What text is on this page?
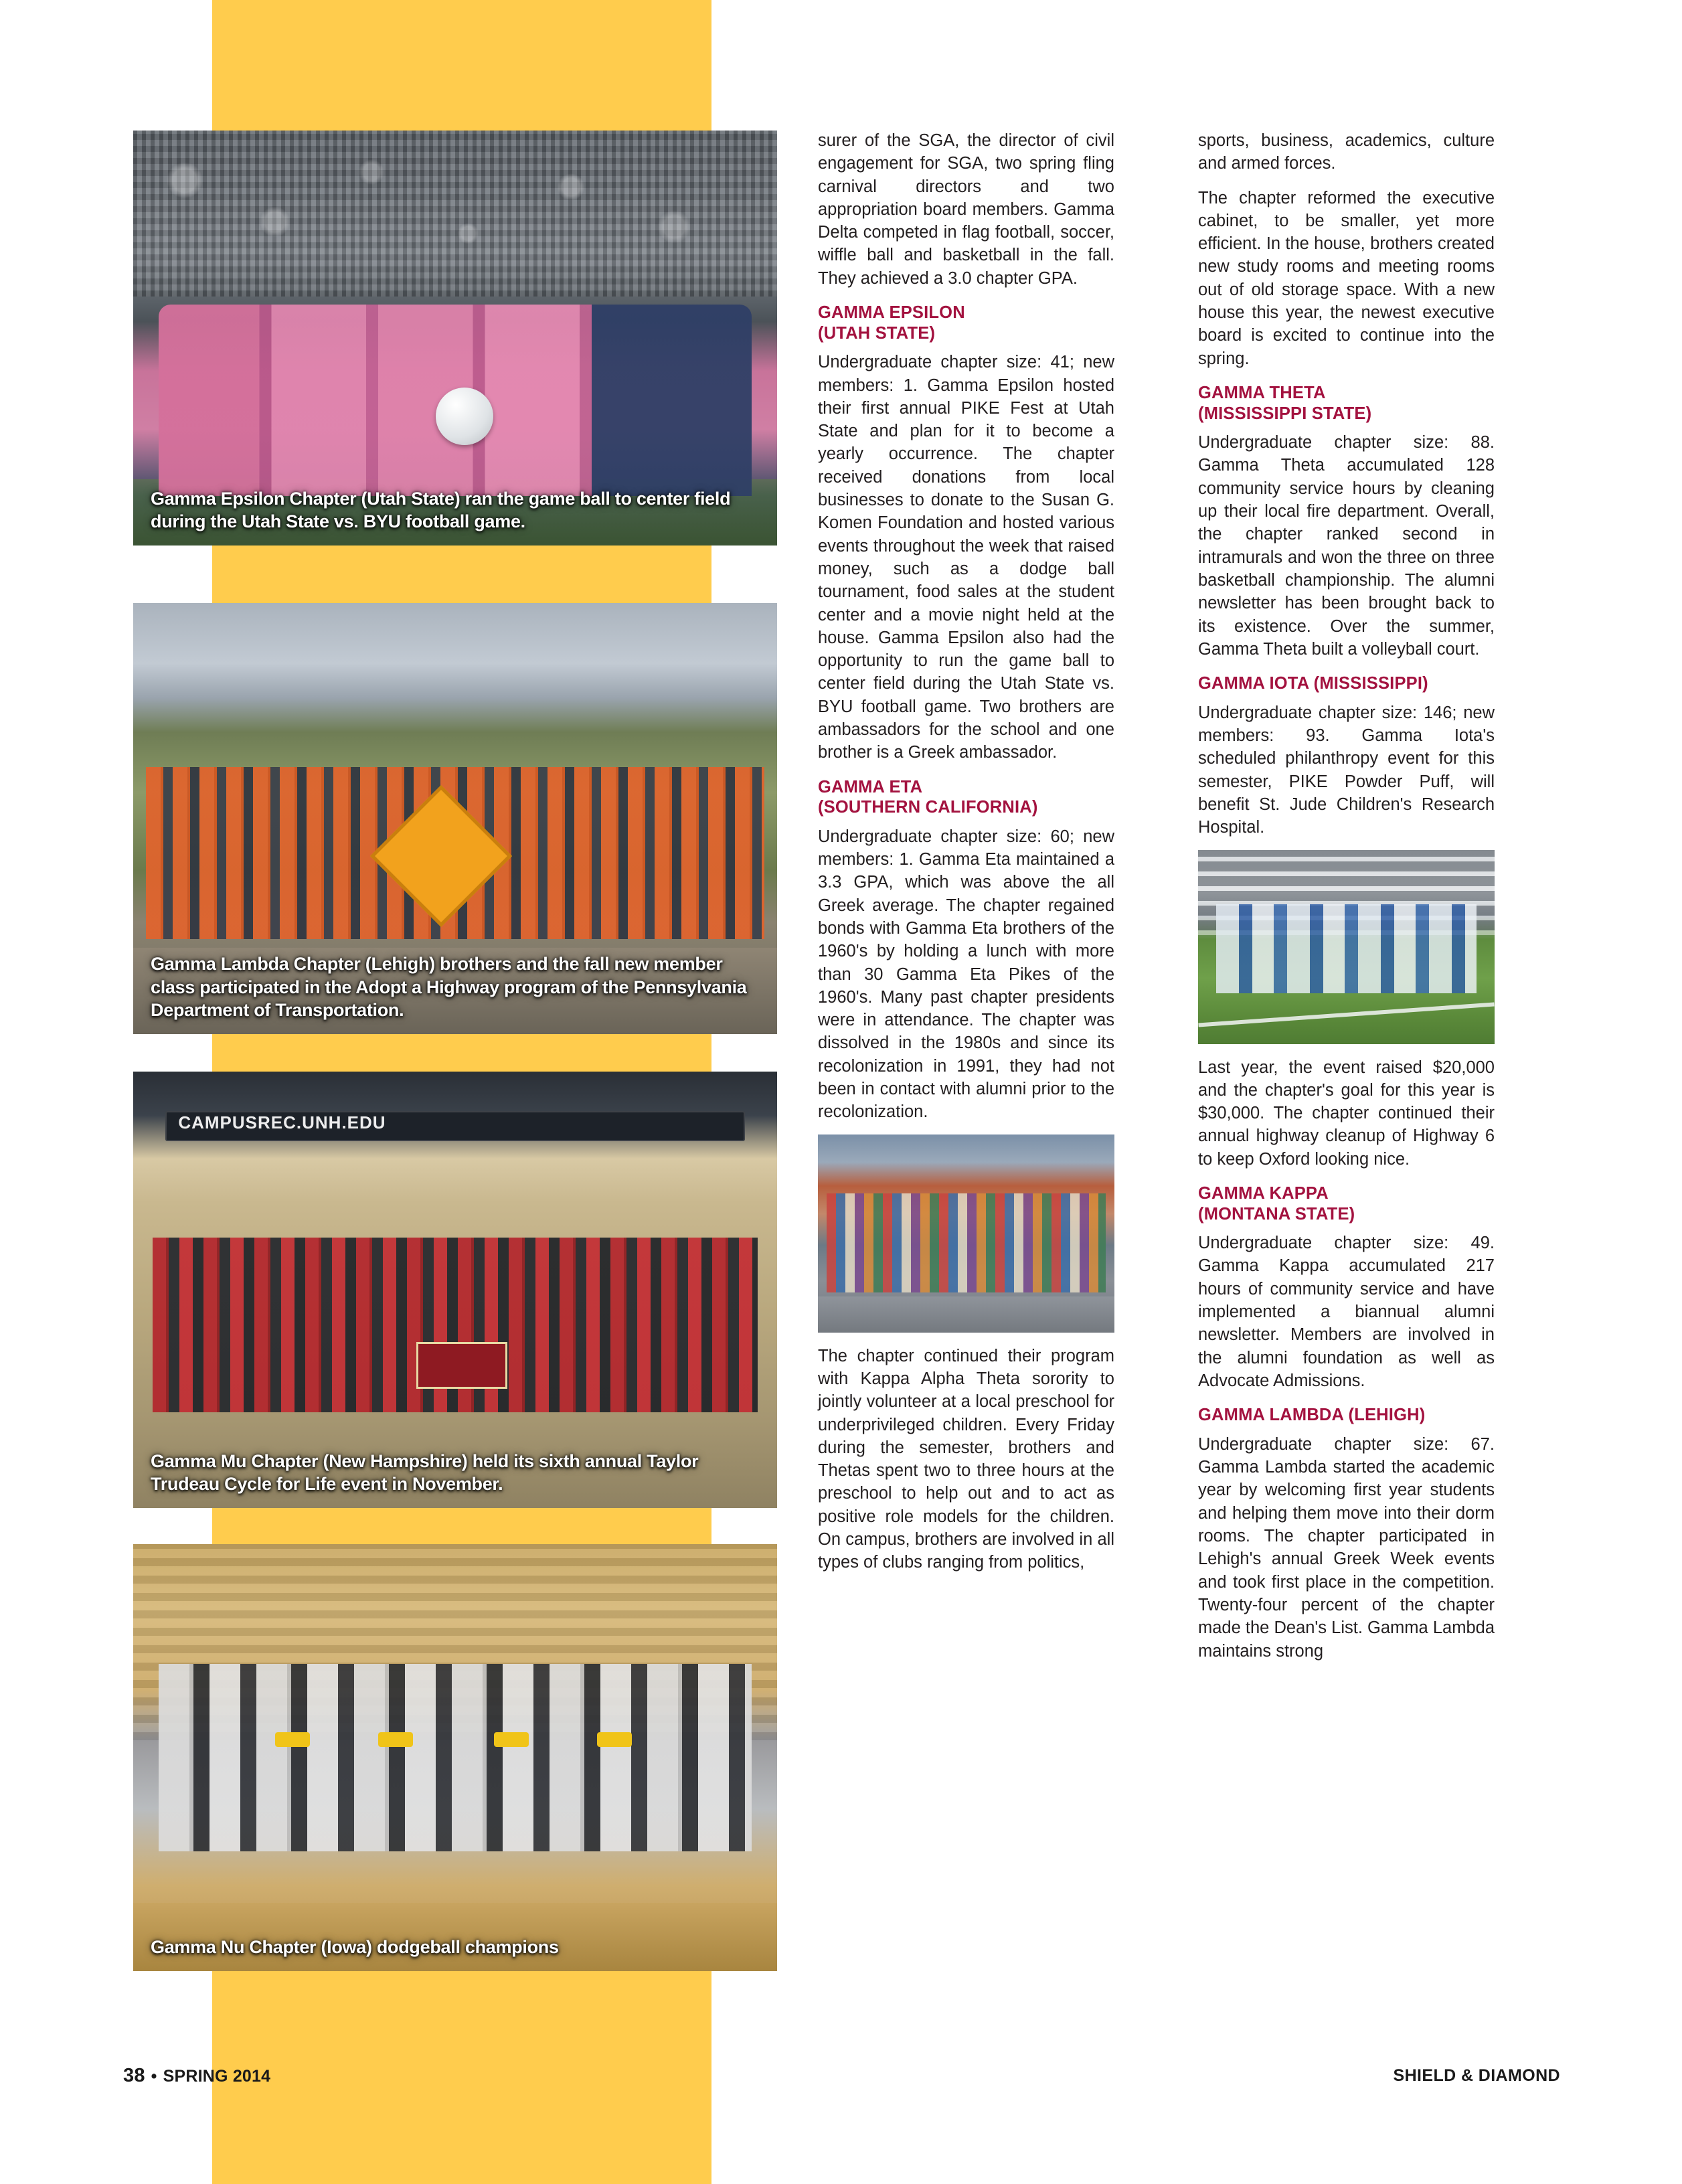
Gamma Epsilon Chapter (Utah State) ran the game ball to center field during the Utah State vs. BYU football game.
Gamma Lambda Chapter (Lehigh) brothers and the fall new member class participated in the Adopt a Highway program of the Pennsylvania Department of Transportation.
CAMPUSREC.UNH.EDU
Gamma Mu Chapter (New Hampshire) held its sixth annual Taylor Trudeau Cycle for Life event in November.
Gamma Nu Chapter (Iowa) dodgeball champions

surer of the SGA, the director of civil engagement for SGA, two spring fling carnival directors and two appropriation board members. Gamma Delta competed in flag football, soccer, wiffle ball and basketball in the fall. They achieved a 3.0 chapter GPA.

GAMMA EPSILON
(UTAH STATE)

Undergraduate chapter size: 41; new members: 1. Gamma Epsilon hosted their first annual PIKE Fest at Utah State and plan for it to become a yearly occurrence. The chapter received donations from local businesses to donate to the Susan G. Komen Foundation and hosted various events throughout the week that raised money, such as a dodge ball tournament, food sales at the student center and a movie night held at the house. Gamma Epsilon also had the opportunity to run the game ball to center field during the Utah State vs. BYU football game. Two brothers are ambassadors for the school and one brother is a Greek ambassador.

GAMMA ETA
(SOUTHERN CALIFORNIA)

Undergraduate chapter size: 60; new members: 1. Gamma Eta maintained a 3.3 GPA, which was above the all Greek average. The chapter regained bonds with Gamma Eta brothers of the 1960's by holding a lunch with more than 30 Gamma Eta Pikes of the 1960's. Many past chapter presidents were in attendance. The chapter was dissolved in the 1980s and since its recolonization in 1991, they had not been in contact with alumni prior to the recolonization.

The chapter continued their program with Kappa Alpha Theta sorority to jointly volunteer at a local preschool for underprivileged children. Every Friday during the semester, brothers and Thetas spent two to three hours at the preschool to help out and to act as positive role models for the children. On campus, brothers are involved in all types of clubs ranging from politics,

sports, business, academics, culture and armed forces.

The chapter reformed the executive cabinet, to be smaller, yet more efficient. In the house, brothers created new study rooms and meeting rooms out of old storage space. With a new house this year, the newest executive board is excited to continue into the spring.

GAMMA THETA
(MISSISSIPPI STATE)

Undergraduate chapter size: 88. Gamma Theta accumulated 128 community service hours by cleaning up their local fire department. Overall, the chapter ranked second in intramurals and won the three on three basketball championship. The alumni newsletter has been brought back to its existence. Over the summer, Gamma Theta built a volleyball court.

GAMMA IOTA (MISSISSIPPI)

Undergraduate chapter size: 146; new members: 93. Gamma Iota's scheduled philanthropy event for this semester, PIKE Powder Puff, will benefit St. Jude Children's Research Hospital.

Last year, the event raised $20,000 and the chapter's goal for this year is $30,000. The chapter continued their annual highway cleanup of Highway 6 to keep Oxford looking nice.

GAMMA KAPPA
(MONTANA STATE)

Undergraduate chapter size: 49. Gamma Kappa accumulated 217 hours of community service and have implemented a biannual alumni newsletter. Members are involved in the alumni foundation as well as Advocate Admissions.

GAMMA LAMBDA (LEHIGH)

Undergraduate chapter size: 67. Gamma Lambda started the academic year by welcoming first year students and helping them move into their dorm rooms. The chapter participated in Lehigh's annual Greek Week events and took first place in the competition. Twenty-four percent of the chapter made the Dean's List. Gamma Lambda maintains strong

38 • SPRING 2014	SHIELD & DIAMOND
